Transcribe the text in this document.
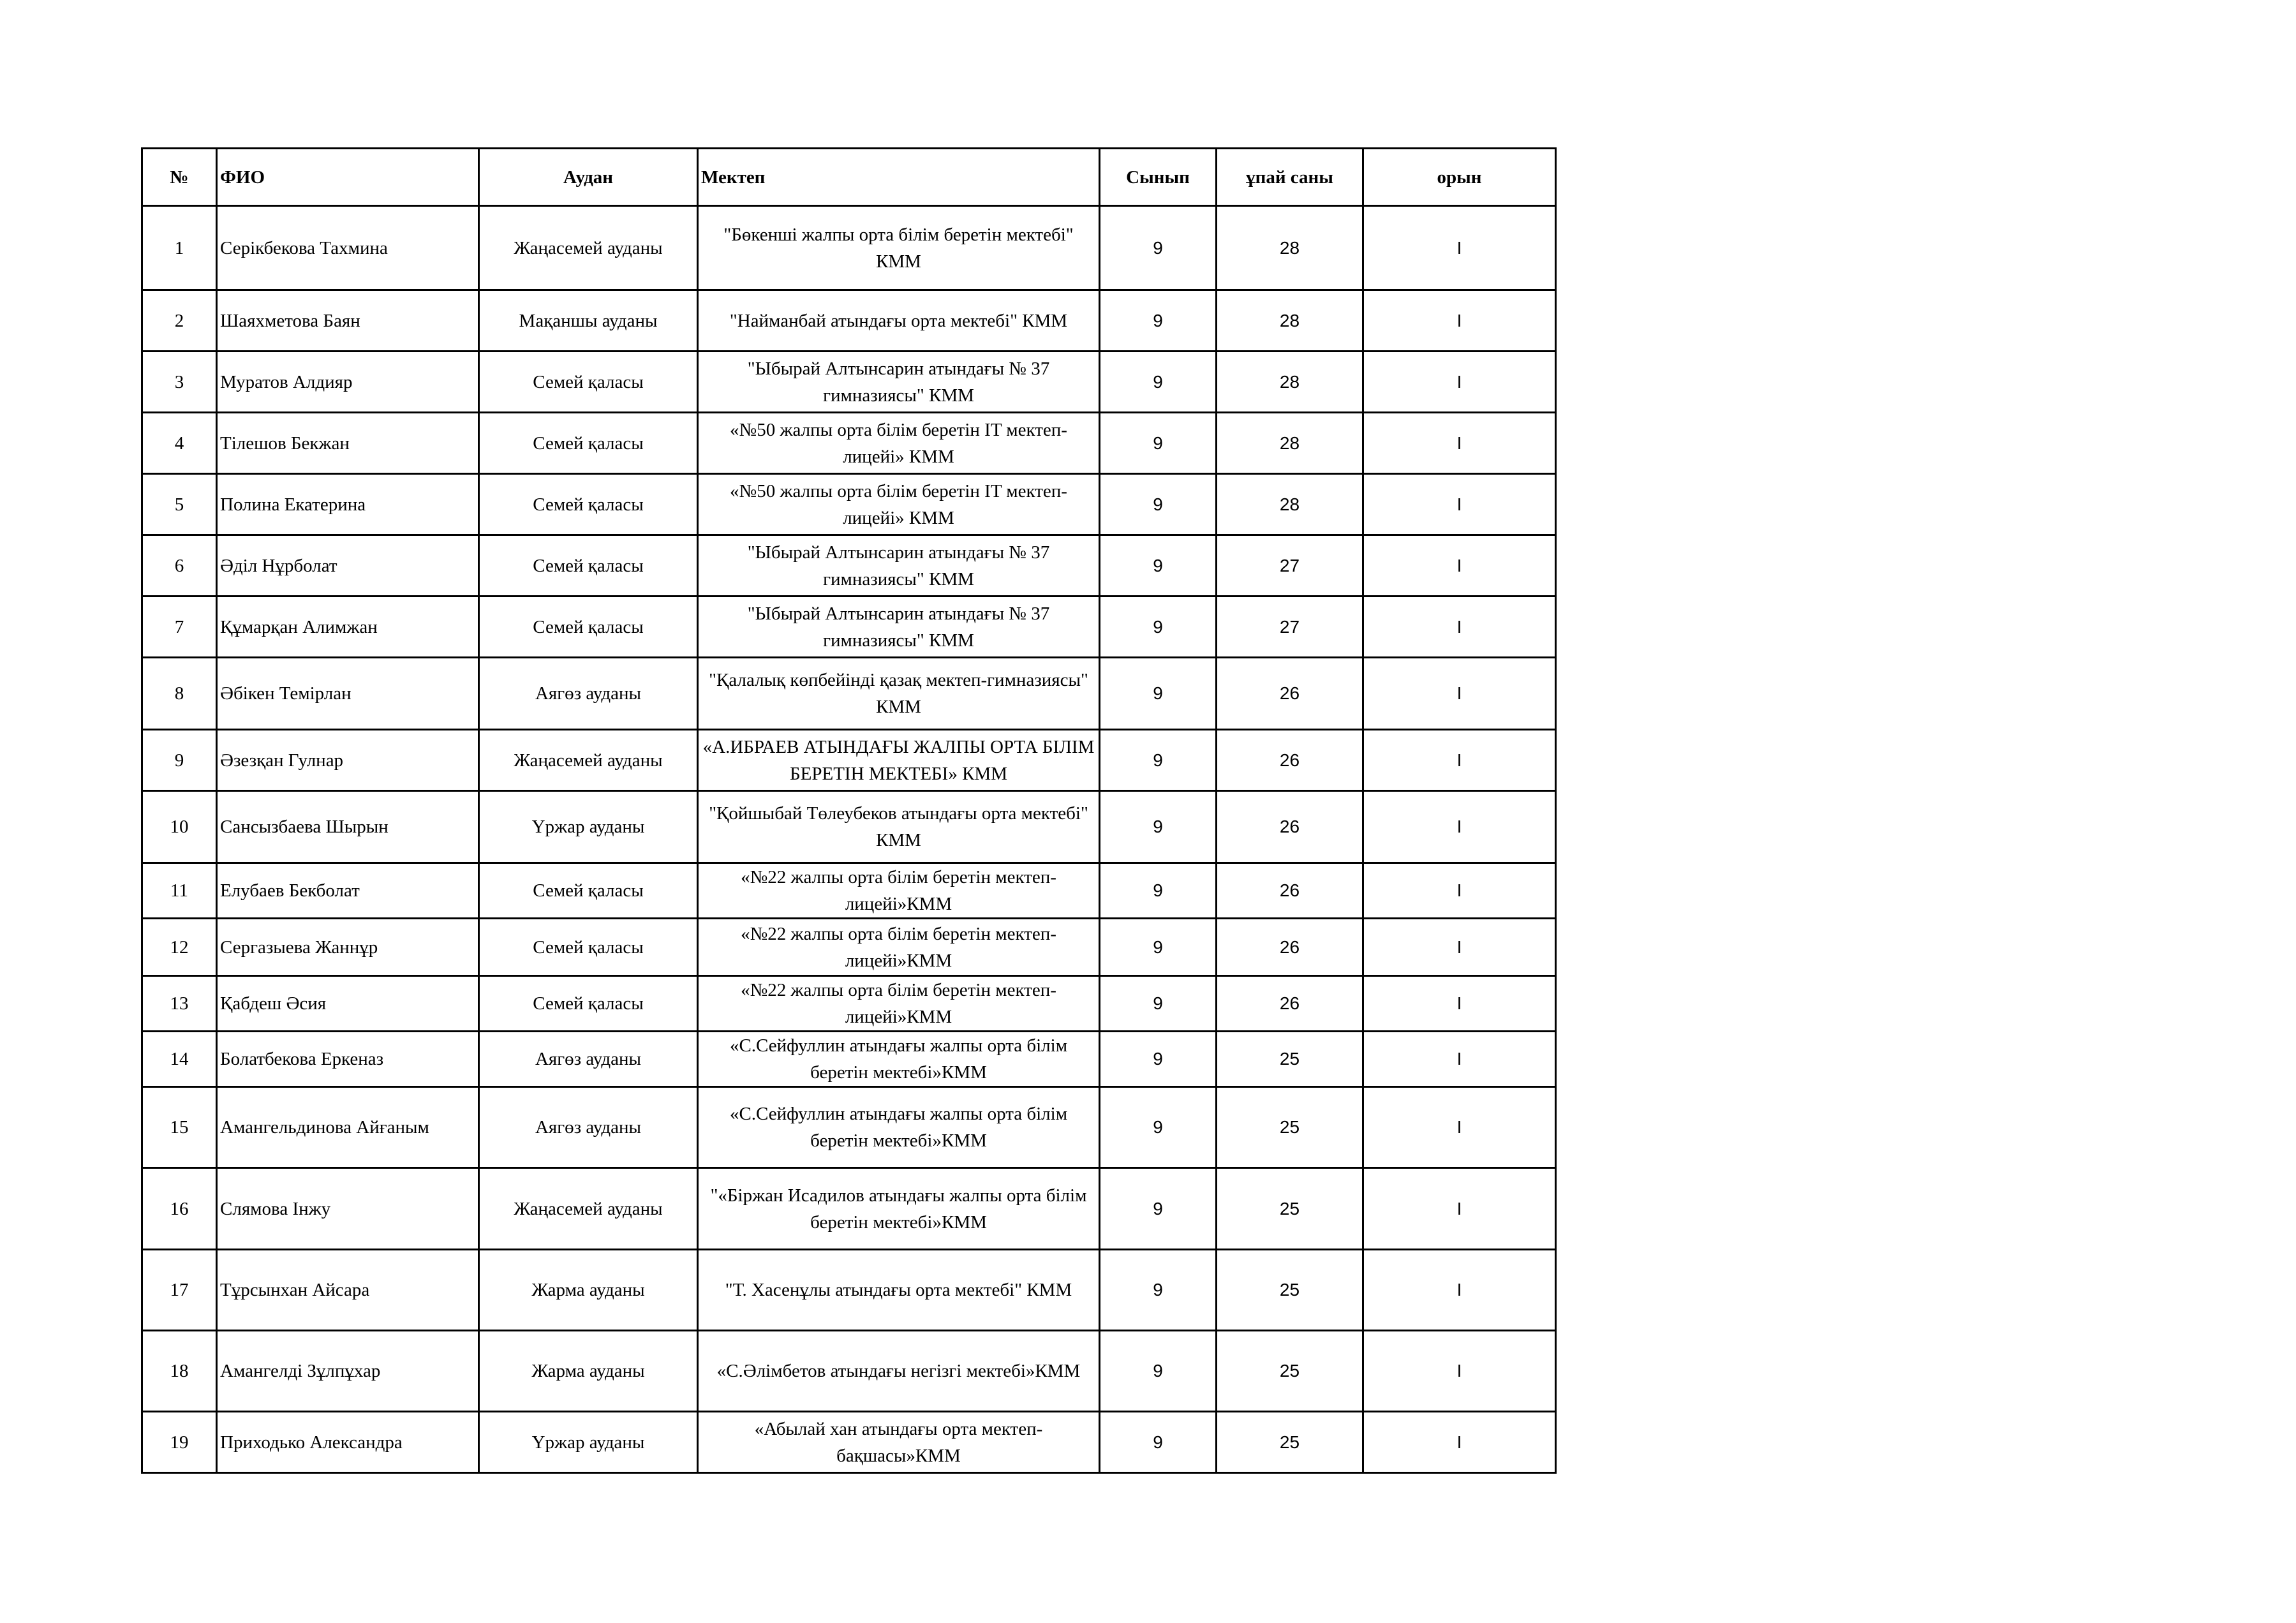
№	ФИО	Аудан	Мектеп	Сынып	ұпай саны	орын
1	Серікбекова Тахмина	Жаңасемей ауданы	"Бөкенші жалпы орта білім беретін мектебі" КММ	9	28	I
2	Шаяхметова Баян	Мақаншы ауданы	"Найманбай атындағы орта мектебі" КММ	9	28	I
3	Муратов Алдияр	Семей қаласы	"Ыбырай Алтынсарин атындағы № 37 гимназиясы" КММ	9	28	I
4	Тілешов Бекжан	Семей қаласы	«№50 жалпы орта білім беретін IT мектеп-лицейі» КММ	9	28	I
5	Полина Екатерина	Семей қаласы	«№50 жалпы орта білім беретін IT мектеп-лицейі» КММ	9	28	I
6	Әділ Нұрболат	Семей қаласы	"Ыбырай Алтынсарин атындағы № 37 гимназиясы" КММ	9	27	I
7	Құмарқан Алимжан	Семей қаласы	"Ыбырай Алтынсарин атындағы № 37 гимназиясы" КММ	9	27	I
8	Әбікен Темірлан	Аягөз ауданы	"Қалалық көпбейінді қазақ мектеп-гимназиясы" КММ	9	26	I
9	Әзезқан Гулнар	Жаңасемей ауданы	«А.ИБРАЕВ АТЫНДАҒЫ ЖАЛПЫ ОРТА БІЛІМ БЕРЕТІН МЕКТЕБІ» КММ	9	26	I
10	Сансызбаева Шырын	Үржар ауданы	"Қойшыбай Төлеубеков атындағы орта мектебі" КММ	9	26	I
11	Елубаев Бекболат	Семей қаласы	«№22 жалпы орта білім беретін мектеп-лицейі»КММ	9	26	I
12	Сергазыева Жаннұр	Семей қаласы	«№22 жалпы орта білім беретін мектеп-лицейі»КММ	9	26	I
13	Қабдеш Әсия	Семей қаласы	«№22 жалпы орта білім беретін мектеп-лицейі»КММ	9	26	I
14	Болатбекова Еркеназ	Аягөз ауданы	«С.Сейфуллин атындағы жалпы орта білім беретін мектебі»КММ	9	25	I
15	Амангельдинова Айғаным	Аягөз ауданы	«С.Сейфуллин атындағы жалпы орта білім беретін мектебі»КММ	9	25	I
16	Слямова Інжу	Жаңасемей ауданы	"«Біржан Исадилов атындағы жалпы орта білім беретін мектебі»КММ	9	25	I
17	Тұрсынхан Айсара	Жарма ауданы	"Т. Хасенұлы атындағы орта мектебі" КММ	9	25	I
18	Амангелді Зұлпұхар	Жарма ауданы	«С.Әлімбетов атындағы негізгі мектебі»КММ	9	25	I
19	Приходько Александра	Үржар ауданы	«Абылай хан атындағы орта мектеп-бақшасы»КММ	9	25	I
